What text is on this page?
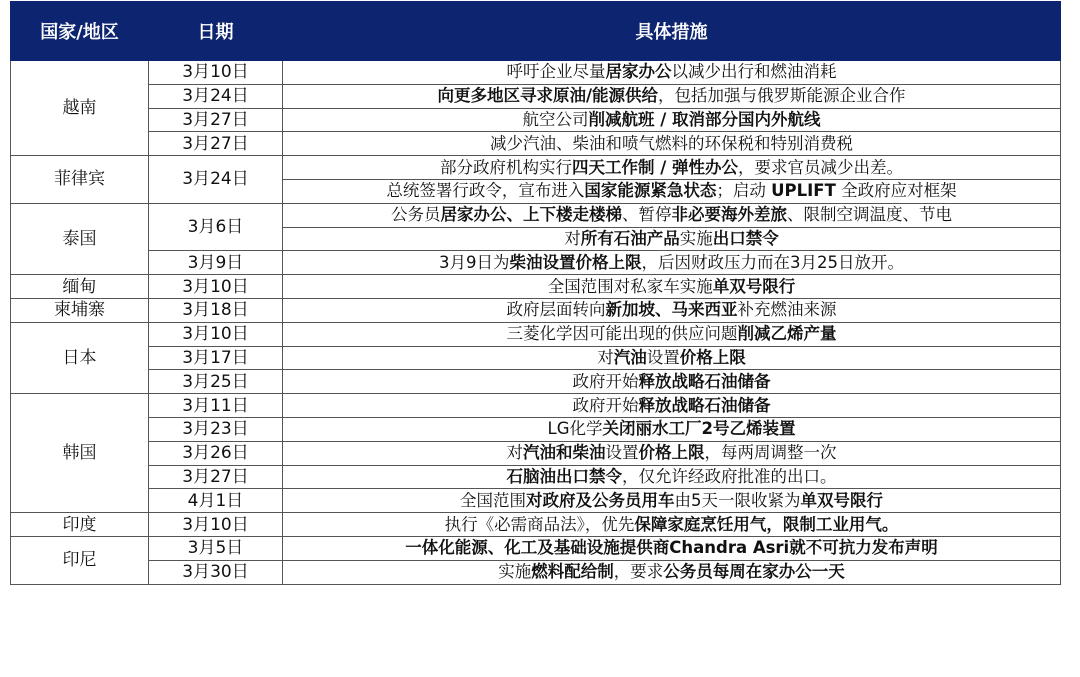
国家/地区	日期	具体措施
越南	3月10日	呼吁企业尽量居家办公以减少出行和燃油消耗
	3月24日	向更多地区寻求原油/能源供给，包括加强与俄罗斯能源企业合作
	3月27日	航空公司削减航班 / 取消部分国内外航线
	3月27日	减少汽油、柴油和喷气燃料的环保税和特别消费税
菲律宾	3月24日	部分政府机构实行四天工作制 / 弹性办公，要求官员减少出差。
		总统签署行政令，宣布进入国家能源紧急状态；启动 UPLIFT 全政府应对框架
泰国	3月6日	公务员居家办公、上下楼走楼梯、暂停非必要海外差旅、限制空调温度、节电
		对所有石油产品实施出口禁令
	3月9日	3月9日为柴油设置价格上限，后因财政压力而在3月25日放开。
缅甸	3月10日	全国范围对私家车实施单双号限行
柬埔寨	3月18日	政府层面转向新加坡、马来西亚补充燃油来源
日本	3月10日	三菱化学因可能出现的供应问题削减乙烯产量
	3月17日	对汽油设置价格上限
	3月25日	政府开始释放战略石油储备
韩国	3月11日	政府开始释放战略石油储备
	3月23日	LG化学关闭丽水工厂2号乙烯装置
	3月26日	对汽油和柴油设置价格上限，每两周调整一次
	3月27日	石脑油出口禁令，仅允许经政府批准的出口。
	4月1日	全国范围对政府及公务员用车由5天一限收紧为单双号限行
印度	3月10日	执行《必需商品法》，优先保障家庭烹饪用气，限制工业用气。
印尼	3月5日	一体化能源、化工及基础设施提供商Chandra Asri就不可抗力发布声明
	3月30日	实施燃料配给制，要求公务员每周在家办公一天
